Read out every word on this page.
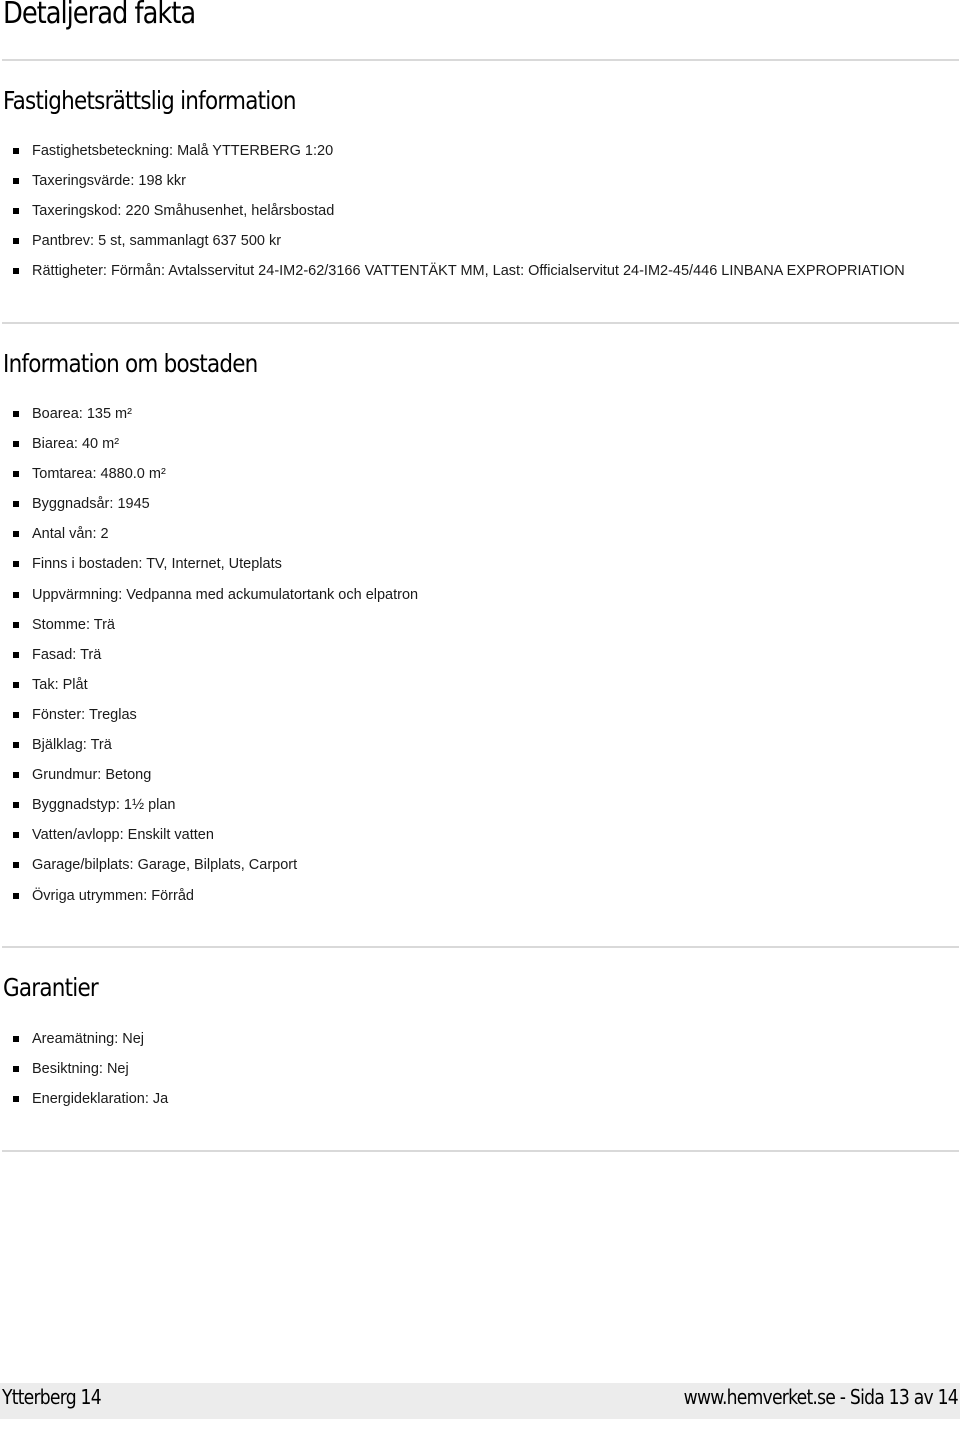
Detaljerad fakta
Fastighetsrättslig information
Fastighetsbeteckning: Malå YTTERBERG 1:20
Taxeringsvärde: 198 kkr
Taxeringskod: 220 Småhusenhet, helårsbostad
Pantbrev: 5 st, sammanlagt 637 500 kr
Rättigheter: Förmån: Avtalsservitut 24-IM2-62/3166 VATTENTÄKT MM, Last: Officialservitut 24-IM2-45/446 LINBANA EXPROPRIATION
Information om bostaden
Boarea: 135 m²
Biarea: 40 m²
Tomtarea: 4880.0 m²
Byggnadsår: 1945
Antal vån: 2
Finns i bostaden: TV, Internet, Uteplats
Uppvärmning: Vedpanna med ackumulatortank och elpatron
Stomme: Trä
Fasad: Trä
Tak: Plåt
Fönster: Treglas
Bjälklag: Trä
Grundmur: Betong
Byggnadstyp: 1½ plan
Vatten/avlopp: Enskilt vatten
Garage/bilplats: Garage, Bilplats, Carport
Övriga utrymmen: Förråd
Garantier
Areamätning: Nej
Besiktning: Nej
Energideklaration: Ja
Ytterberg 14	www.hemverket.se - Sida 13 av 14
